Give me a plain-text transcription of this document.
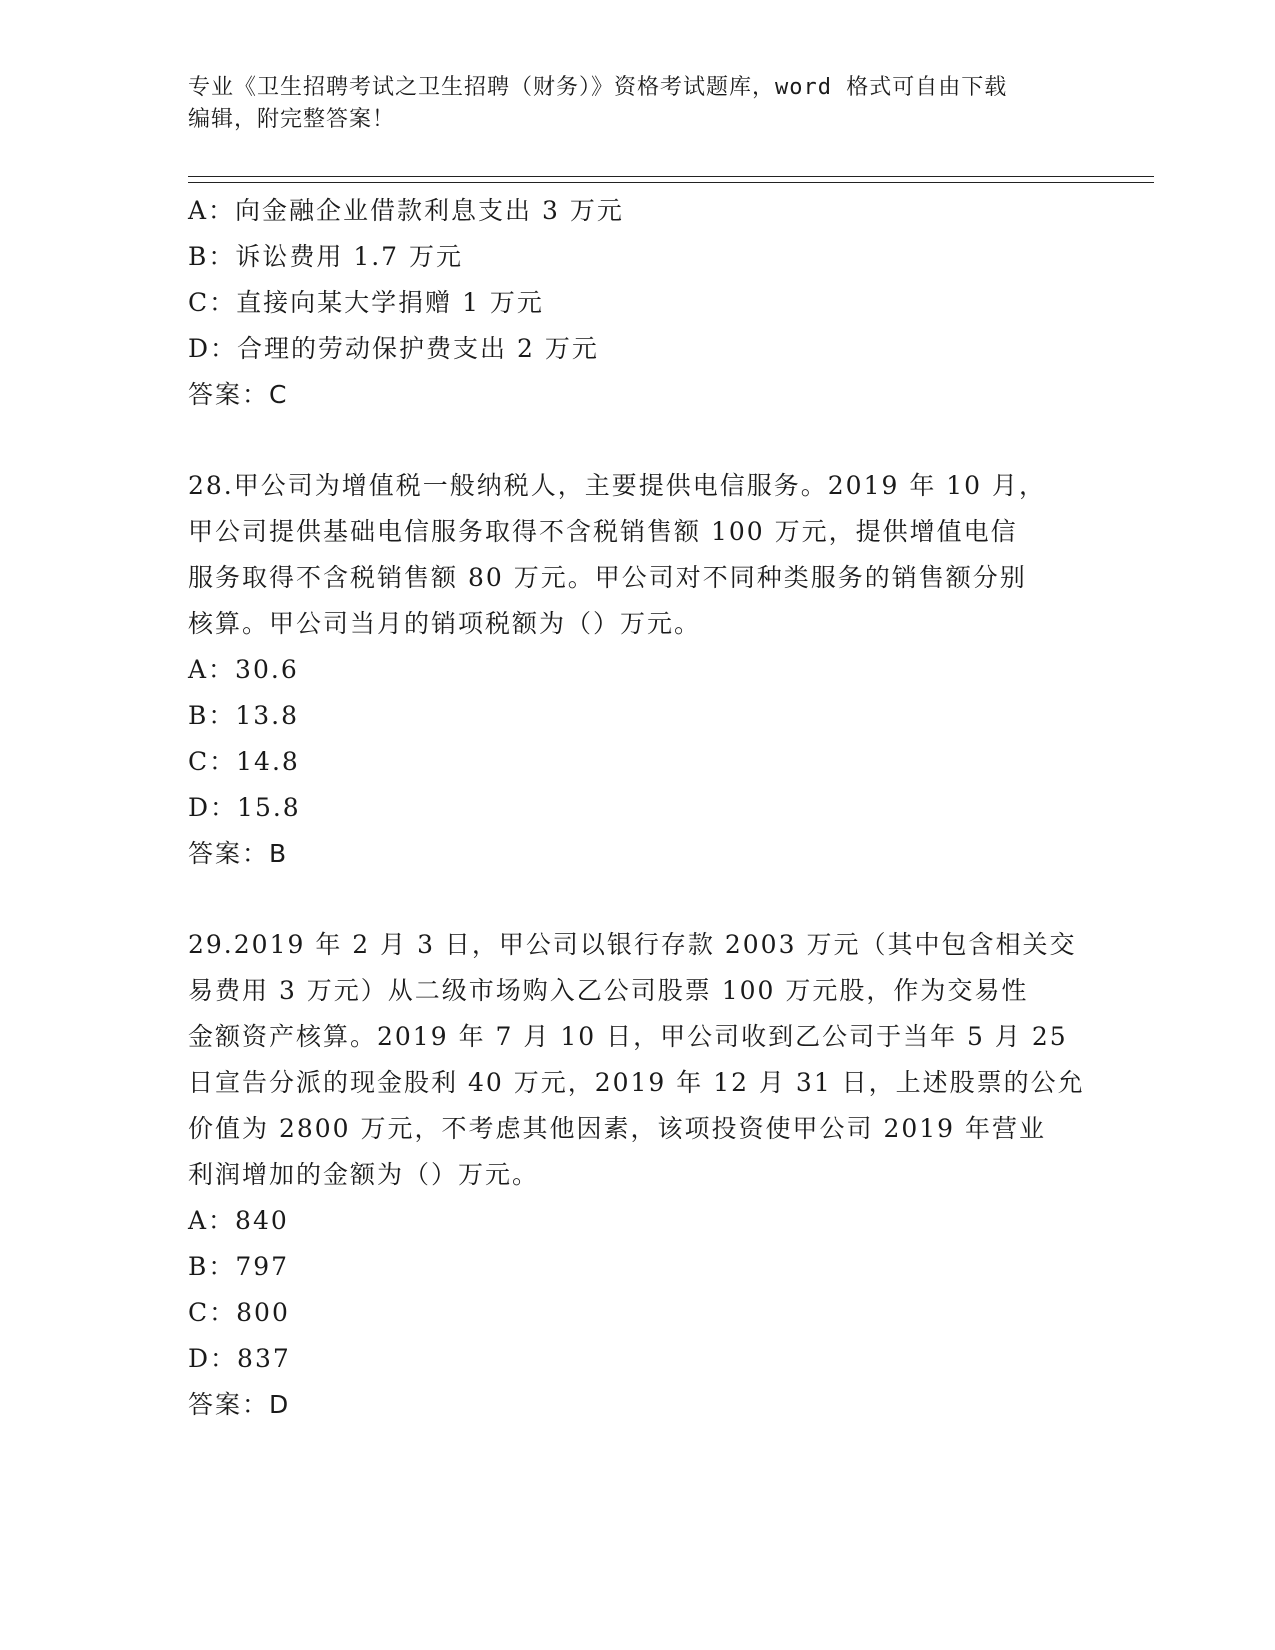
专业《卫生招聘考试之卫生招聘（财务）》资格考试题库，word 格式可自由下载
编辑，附完整答案！
A：向金融企业借款利息支出 3 万元
B：诉讼费用 1.7 万元
C：直接向某大学捐赠 1 万元
D：合理的劳动保护费支出 2 万元
答案：C
28.甲公司为增值税一般纳税人，主要提供电信服务。2019 年 10 月，
甲公司提供基础电信服务取得不含税销售额 100 万元，提供增值电信
服务取得不含税销售额 80 万元。甲公司对不同种类服务的销售额分别
核算。甲公司当月的销项税额为（）万元。
A：30.6
B：13.8
C：14.8
D：15.8
答案：B
29.2019 年 2 月 3 日，甲公司以银行存款 2003 万元（其中包含相关交
易费用 3 万元）从二级市场购入乙公司股票 100 万元股，作为交易性
金额资产核算。2019 年 7 月 10 日，甲公司收到乙公司于当年 5 月 25
日宣告分派的现金股利 40 万元，2019 年 12 月 31 日，上述股票的公允
价值为 2800 万元，不考虑其他因素，该项投资使甲公司 2019 年营业
利润增加的金额为（）万元。
A：840
B：797
C：800
D：837
答案：D
